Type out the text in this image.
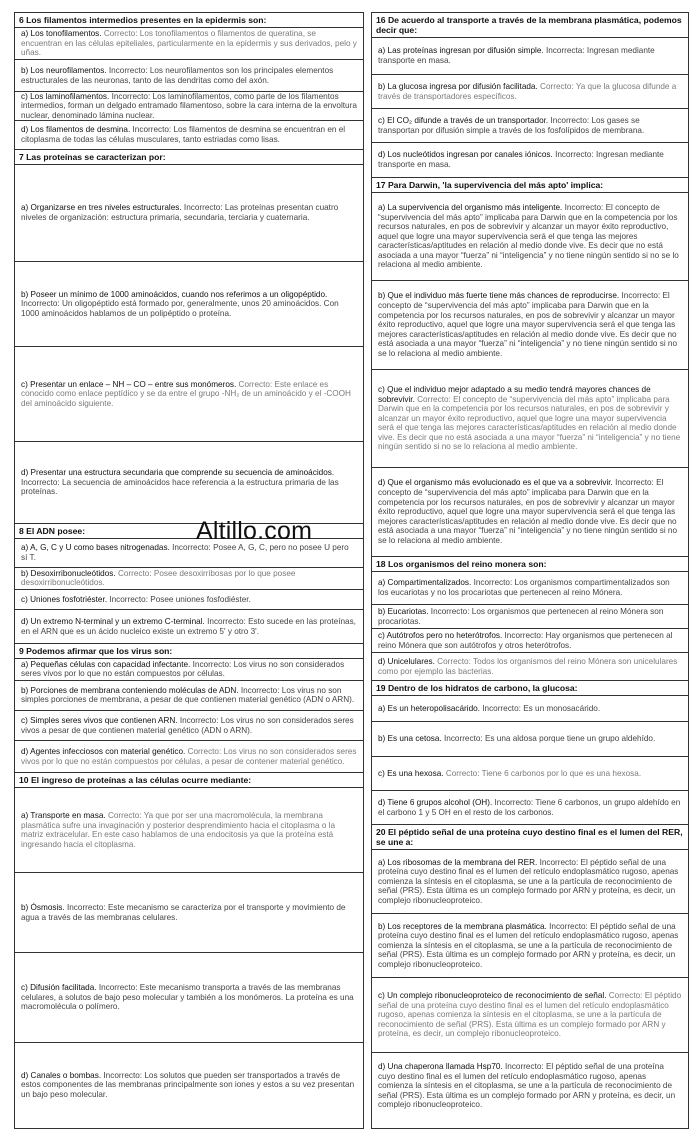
6 Los filamentos intermedios presentes en la epidermis son:
a) Los tonofilamentos. Correcto: Los tonofilamentos o filamentos de queratina, se encuentran en las células epiteliales, particularmente en la epidermis y sus derivados, pelo y uñas.
b) Los neurofilamentos. Incorrecto: Los neurofilamentos son los principales elementos estructurales de las neuronas, tanto de las dendritas como del axón.
c) Los laminofilamentos. Incorrecto: Los laminofilamentos, como parte de los filamentos intermedios, forman un delgado entramado filamentoso, sobre la cara interna de la envoltura nuclear, denominado lámina nuclear.
d) Los filamentos de desmina. Incorrecto: Los filamentos de desmina se encuentran en el citoplasma de todas las células musculares, tanto estriadas como lisas.
7 Las proteínas se caracterizan por:
a) Organizarse en tres niveles estructurales. Incorrecto: Las proteínas presentan cuatro niveles de organización: estructura primaria, secundaria, terciaria y cuaternaria.
b) Poseer un mínimo de 1000 aminoácidos, cuando nos referimos a un oligopéptido. Incorrecto: Un oligopéptido está formado por, generalmente, unos 20 aminoácidos. Con 1000 aminoácidos hablamos de un polipéptido o proteína.
c) Presentar un enlace – NH – CO – entre sus monómeros. Correcto: Este enlace es conocido como enlace peptídico y se da entre el grupo -NH₂ de un aminoácido y el -COOH del aminoácido siguiente.
d) Presentar una estructura secundaria que comprende su secuencia de aminoácidos. Incorrecto: La secuencia de aminoácidos hace referencia a la estructura primaria de las proteínas.
8 El ADN posee:
a) A, G, C y U como bases nitrogenadas. Incorrecto: Posee A, G, C, pero no posee U pero sí T.
b) Desoxirribonucleótidos. Correcto: Posee desoxirribosas por lo que posee desoxirribonucleótidos.
c) Uniones fosfotriéster. Incorrecto: Posee uniones fosfodiéster.
d) Un extremo N-terminal y un extremo C-terminal. Incorrecto: Esto sucede en las proteínas, en el ARN que es un ácido nucleico existe un extremo 5' y otro 3'.
9 Podemos afirmar que los virus son:
a) Pequeñas células con capacidad infectante. Incorrecto: Los virus no son considerados seres vivos por lo que no están compuestos por células.
b) Porciones de membrana conteniendo moléculas de ADN. Incorrecto: Los virus no son simples porciones de membrana, a pesar de que contienen material genético (ADN o ARN).
c) Simples seres vivos que contienen ARN. Incorrecto: Los virus no son considerados seres vivos a pesar de que contienen material genético (ADN o ARN).
d) Agentes infecciosos con material genético. Correcto: Los virus no son considerados seres vivos por lo que no están compuestos por células, a pesar de contener material genético.
10 El ingreso de proteínas a las células ocurre mediante:
a) Transporte en masa. Correcto: Ya que por ser una macromolécula, la membrana plasmática sufre una invaginación y posterior desprendimiento hacia el citoplasma o la matriz extracelular. En este caso hablamos de una endocitosis ya que la proteína está ingresando hacia el citoplasma.
b) Ósmosis. Incorrecto: Este mecanismo se caracteriza por el transporte y movimiento de agua a través de las membranas celulares.
c) Difusión facilitada. Incorrecto: Este mecanismo transporta a través de las membranas celulares, a solutos de bajo peso molecular y también a los monómeros. La proteína es una macromolécula o polímero.
d) Canales o bombas. Incorrecto: Los solutos que pueden ser transportados a través de estos componentes de las membranas principalmente son iones y estos a su vez presentan un bajo peso molecular.
16 De acuerdo al transporte a través de la membrana plasmática, podemos decir que:
a) Las proteínas ingresan por difusión simple. Incorrecta: Ingresan mediante transporte en masa.
b) La glucosa ingresa por difusión facilitada. Correcto: Ya que la glucosa difunde a través de transportadores específicos.
c) El CO₂ difunde a través de un transportador. Incorrecto: Los gases se transportan por difusión simple a través de los fosfolípidos de membrana.
d) Los nucleótidos ingresan por canales iónicos. Incorrecto: Ingresan mediante transporte en masa.
17 Para Darwin, 'la supervivencia del más apto' implica:
a) La supervivencia del organismo más inteligente. Incorrecto: El concepto de “supervivencia del más apto” implicaba para Darwin que en la competencia por los recursos naturales, en pos de sobrevivir y alcanzar un mayor éxito reproductivo, aquel que logre una mayor supervivencia será el que tenga las mejores características/aptitudes en relación al medio donde vive. Es decir que no está asociada a una mayor “fuerza” ni “inteligencia” y no tiene ningún sentido si no se lo relaciona al medio ambiente.
b) Que el individuo más fuerte tiene más chances de reproducirse. Incorrecto: El concepto de “supervivencia del más apto” implicaba para Darwin que en la competencia por los recursos naturales, en pos de sobrevivir y alcanzar un mayor éxito reproductivo, aquel que logre una mayor supervivencia será el que tenga las mejores características/aptitudes en relación al medio donde vive. Es decir que no está asociada a una mayor “fuerza” ni “inteligencia” y no tiene ningún sentido si no se lo relaciona al medio ambiente.
c) Que el individuo mejor adaptado a su medio tendrá mayores chances de sobrevivir. Correcto: El concepto de “supervivencia del más apto” implicaba para Darwin que en la competencia por los recursos naturales, en pos de sobrevivir y alcanzar un mayor éxito reproductivo, aquel que logre una mayor supervivencia será el que tenga las mejores características/aptitudes en relación al medio donde vive. Es decir que no está asociada a una mayor “fuerza” ni “inteligencia” y no tiene ningún sentido si no se lo relaciona al medio ambiente.
d) Que el organismo más evolucionado es el que va a sobrevivir. Incorrecto: El concepto de “supervivencia del más apto” implicaba para Darwin que en la competencia por los recursos naturales, en pos de sobrevivir y alcanzar un mayor éxito reproductivo, aquel que logre una mayor supervivencia será el que tenga las mejores características/aptitudes en relación al medio donde vive. Es decir que no está asociada a una mayor “fuerza” ni “inteligencia” y no tiene ningún sentido si no se lo relaciona al medio ambiente.
18 Los organismos del reino monera son:
a) Compartimentalizados. Incorrecto: Los organismos compartimentalizados son los eucariotas y no los procariotas que pertenecen al reino Mónera.
b) Eucariotas. Incorrecto: Los organismos que pertenecen al reino Mónera son procariotas.
c) Autótrofos pero no heterótrofos. Incorrecto: Hay organismos que pertenecen al reino Mónera que son autótrofos y otros heterótrofos.
d) Unicelulares. Correcto: Todos los organismos del reino Mónera son unicelulares como por ejemplo las bacterias.
19 Dentro de los hidratos de carbono, la glucosa:
a) Es un heteropolisacárido. Incorrecto: Es un monosacárido.
b) Es una cetosa. Incorrecto: Es una aldosa porque tiene un grupo aldehído.
c) Es una hexosa. Correcto: Tiene 6 carbonos por lo que es una hexosa.
d) Tiene 6 grupos alcohol (OH). Incorrecto: Tiene 6 carbonos, un grupo aldehído en el carbono 1 y 5 OH en el resto de los carbonos.
20 El péptido señal de una proteína cuyo destino final es el lumen del RER, se une a:
a) Los ribosomas de la membrana del RER. Incorrecto: El péptido señal de una proteína cuyo destino final es el lumen del retículo endoplasmático rugoso, apenas comienza la síntesis en el citoplasma, se une a la partícula de reconocimiento de señal (PRS). Esta última es un complejo formado por ARN y proteína, es decir, un complejo ribonucleoproteico.
b) Los receptores de la membrana plasmática. Incorrecto: El péptido señal de una proteína cuyo destino final es el lumen del retículo endoplasmático rugoso, apenas comienza la síntesis en el citoplasma, se une a la partícula de reconocimiento de señal (PRS). Esta última es un complejo formado por ARN y proteína, es decir, un complejo ribonucleoproteico.
c) Un complejo ribonucleoproteico de reconocimiento de señal. Correcto: El péptido señal de una proteína cuyo destino final es el lumen del retículo endoplasmático rugoso, apenas comienza la síntesis en el citoplasma, se une a la partícula de reconocimiento de señal (PRS). Esta última es un complejo formado por ARN y proteína, es decir, un complejo ribonucleoproteico.
d) Una chaperona llamada Hsp70. Incorrecto: El péptido señal de una proteína cuyo destino final es el lumen del retículo endoplasmático rugoso, apenas comienza la síntesis en el citoplasma, se une a la partícula de reconocimiento de señal (PRS). Esta última es un complejo formado por ARN y proteína, es decir, un complejo ribonucleoproteico.
Altillo.com
